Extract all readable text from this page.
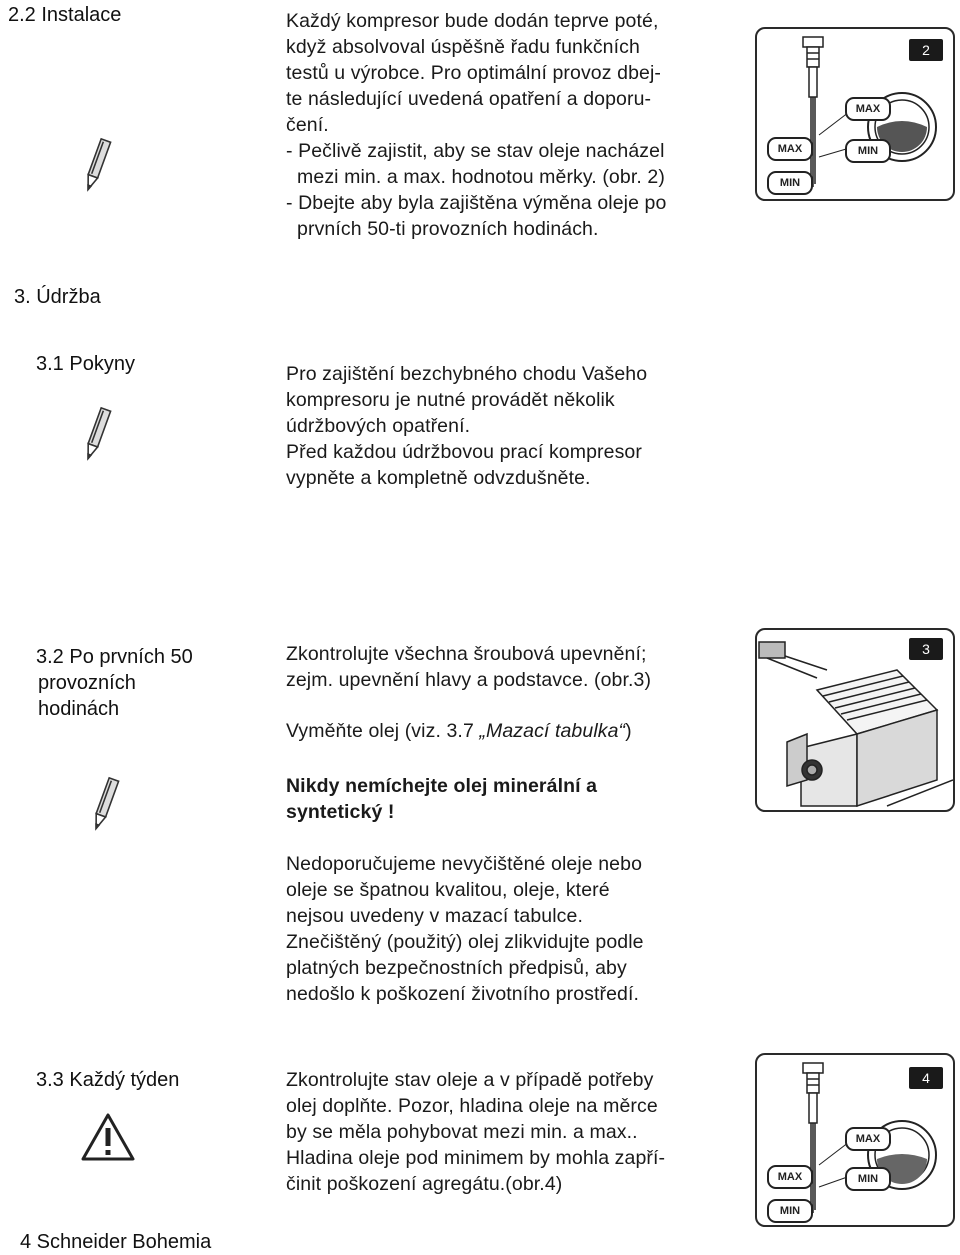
2.2 Instalace	Každý kompresor bude dodán teprve poté,
když absolvoval úspěšně řadu funkčních
testů u výrobce. Pro optimální provoz dbej-
te následující uvedená opatření a doporu-
čení.
- Pečlivě zajistit, aby se stav oleje nacházel
mezi min. a max. hodnotou měrky. (obr. 2)
- Dbejte aby byla zajištěna výměna oleje po
prvních 50-ti provozních hodinách.
2
MAX
MIN
MAX
MIN
3. Údržba
3.1 Pokyny	Pro zajištění bezchybného chodu Vašeho
kompresoru je nutné provádět několik
údržbových opatření.
Před každou údržbovou prací kompresor
vypněte a kompletně odvzdušněte.
3.2 Po prvních 50
provozních
hodinách
Zkontrolujte všechna šroubová upevnění;
zejm. upevnění hlavy a podstavce. (obr.3)
Vyměňte olej (viz. 3.7 „Mazací tabulka“)
Nikdy nemíchejte olej minerální a
syntetický !
Nedoporučujeme nevyčištěné oleje nebo
oleje se špatnou kvalitou, oleje, které
nejsou uvedeny v mazací tabulce.
Znečištěný (použitý) olej zlikvidujte podle
platných bezpečnostních předpisů, aby
nedošlo k poškození životního prostředí.
3
3.3 Každý týden	Zkontrolujte stav oleje a v případě potřeby
olej doplňte. Pozor, hladina oleje na měrce
by se měla pohybovat mezi min. a max..
Hladina oleje pod minimem by mohla zapří-
činit poškození agregátu.(obr.4)
4
MAX
MIN
MAX
MIN
4 Schneider Bohemia
